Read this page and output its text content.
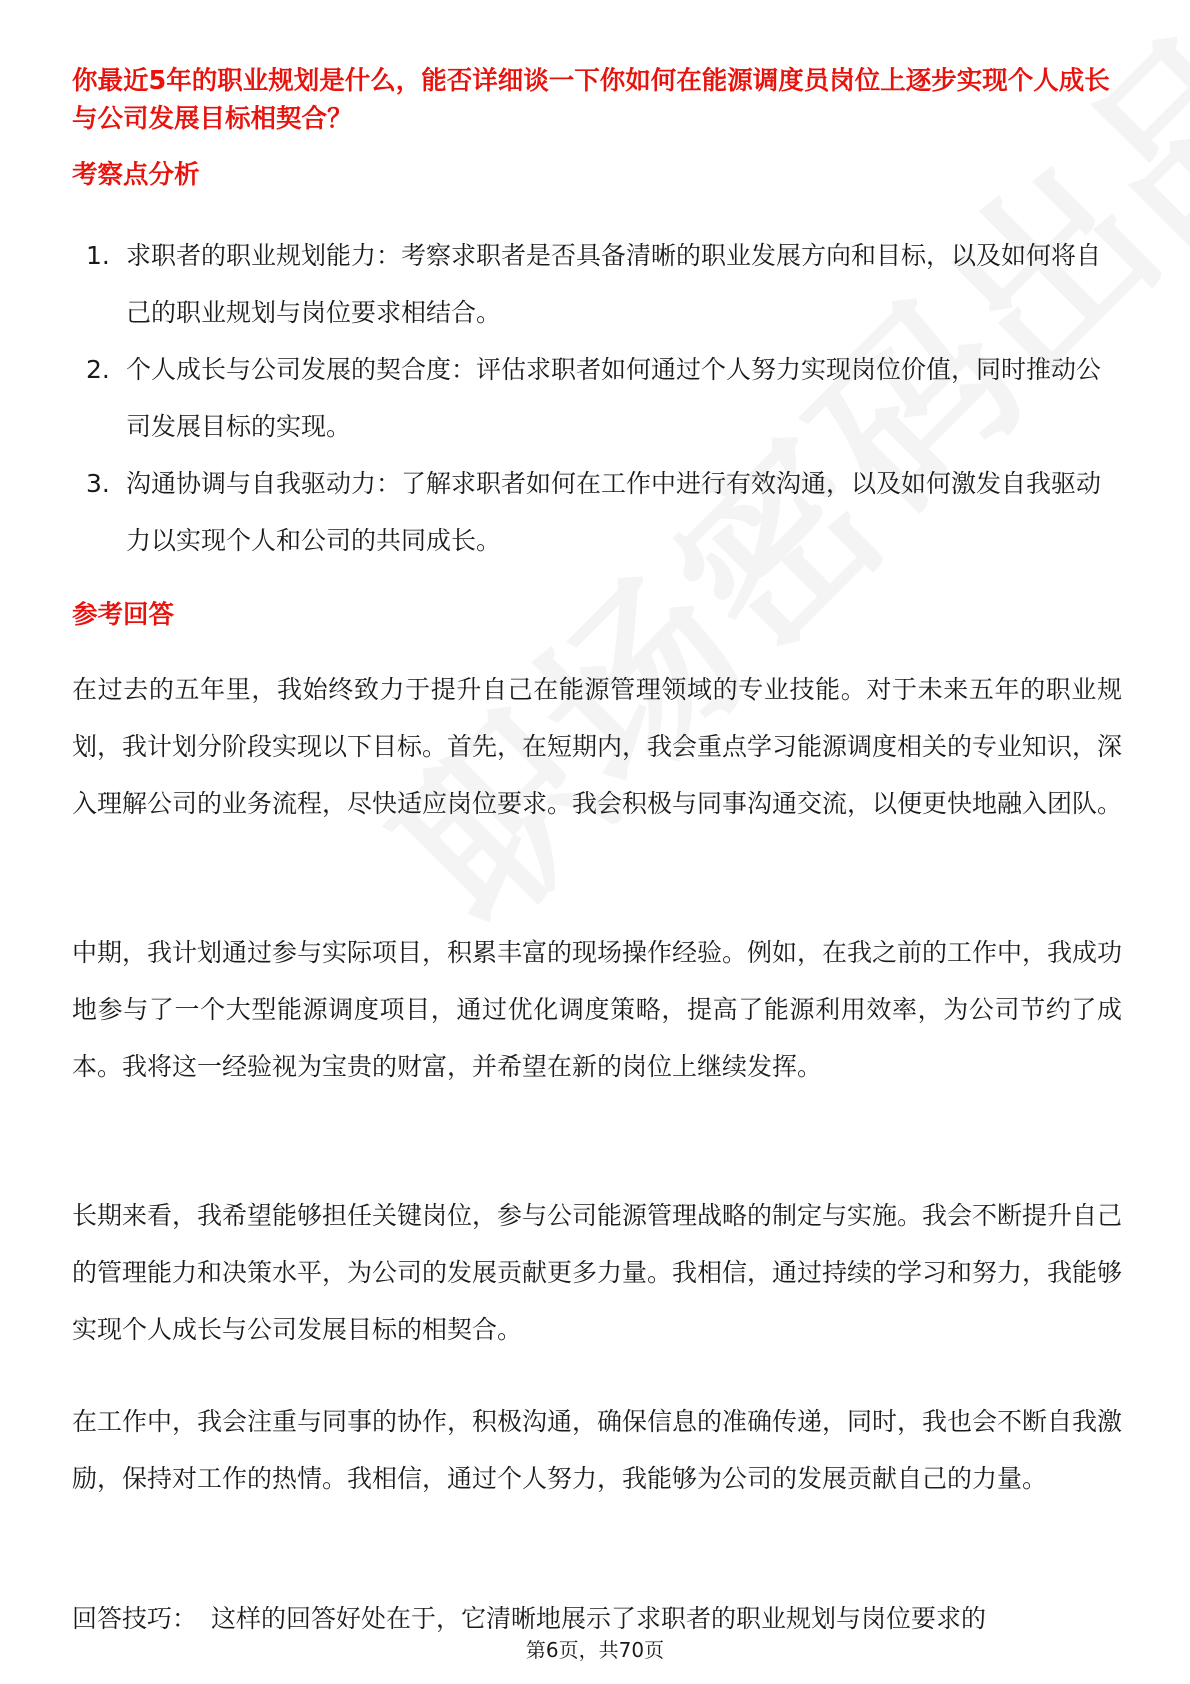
你最近5年的职业规划是什么，能否详细谈一下你如何在能源调度员岗位上逐步实现个人成长与公司发展目标相契合？
考察点分析
1. 求职者的职业规划能力：考察求职者是否具备清晰的职业发展方向和目标，以及如何将自己的职业规划与岗位要求相结合。
2. 个人成长与公司发展的契合度：评估求职者如何通过个人努力实现岗位价值，同时推动公司发展目标的实现。
3. 沟通协调与自我驱动力：了解求职者如何在工作中进行有效沟通，以及如何激发自我驱动力以实现个人和公司的共同成长。
参考回答

在过去的五年里，我始终致力于提升自己在能源管理领域的专业技能。对于未来五年的职业规划，我计划分阶段实现以下目标。首先，在短期内，我会重点学习能源调度相关的专业知识，深入理解公司的业务流程，尽快适应岗位要求。我会积极与同事沟通交流，以便更快地融入团队。

中期，我计划通过参与实际项目，积累丰富的现场操作经验。例如，在我之前的工作中，我成功地参与了一个大型能源调度项目，通过优化调度策略，提高了能源利用效率，为公司节约了成本。我将这一经验视为宝贵的财富，并希望在新的岗位上继续发挥。

长期来看，我希望能够担任关键岗位，参与公司能源管理战略的制定与实施。我会不断提升自己的管理能力和决策水平，为公司的发展贡献更多力量。我相信，通过持续的学习和努力，我能够实现个人成长与公司发展目标的相契合。

在工作中，我会注重与同事的协作，积极沟通，确保信息的准确传递，同时，我也会不断自我激励，保持对工作的热情。我相信，通过个人努力，我能够为公司的发展贡献自己的力量。

回答技巧： 这样的回答好处在于，它清晰地展示了求职者的职业规划与岗位要求的

第6页，共70页
